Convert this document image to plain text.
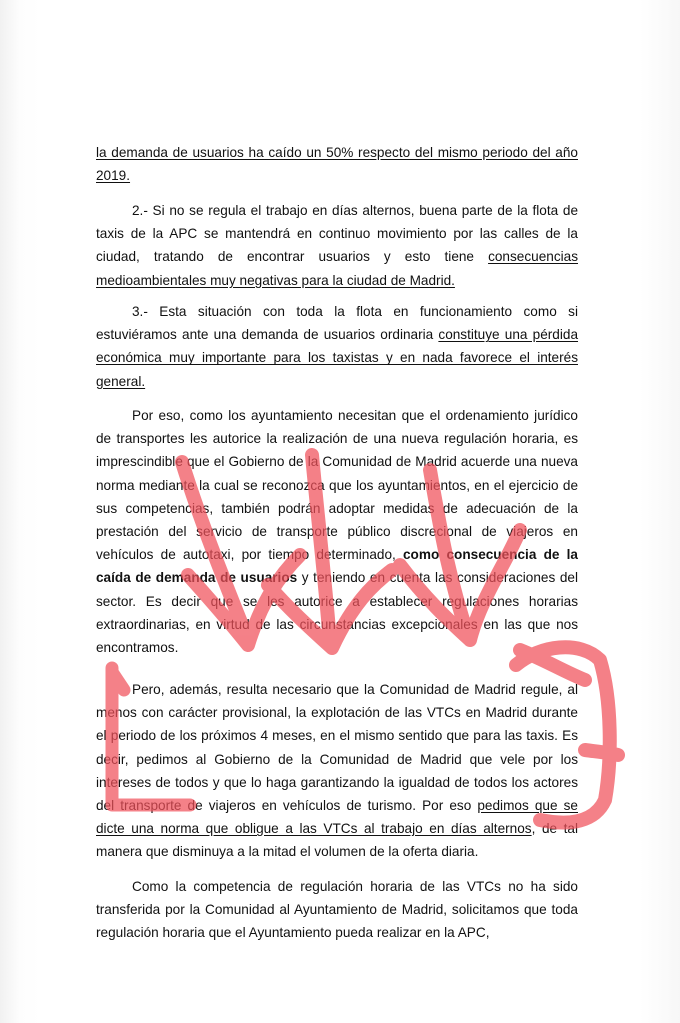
la demanda de usuarios ha caído un 50% respecto del mismo periodo del año 2019.

2.- Si no se regula el trabajo en días alternos, buena parte de la flota de taxis de la APC se mantendrá en continuo movimiento por las calles de la ciudad, tratando de encontrar usuarios y esto tiene consecuencias medioambientales muy negativas para la ciudad de Madrid.

3.- Esta situación con toda la flota en funcionamiento como si estuviéramos ante una demanda de usuarios ordinaria constituye una pérdida económica muy importante para los taxistas y en nada favorece el interés general.

Por eso, como los ayuntamiento necesitan que el ordenamiento jurídico de transportes les autorice la realización de una nueva regulación horaria, es imprescindible que el Gobierno de la Comunidad de Madrid acuerde una nueva norma mediante la cual se reconozca que los ayuntamientos, en el ejercicio de sus competencias, también podrán adoptar medidas de adecuación de la prestación del servicio de transporte público discrecional de viajeros en vehículos de autotaxi, por tiempo determinado, como consecuencia de la caída de demanda de usuarios y teniendo en cuenta las consideraciones del sector. Es decir que se les autorice a establecer regulaciones horarias extraordinarias, en virtud de las circunstancias excepcionales en las que nos encontramos.

Pero, además, resulta necesario que la Comunidad de Madrid regule, al menos con carácter provisional, la explotación de las VTCs en Madrid durante el periodo de los próximos 4 meses, en el mismo sentido que para las taxis. Es decir, pedimos al Gobierno de la Comunidad de Madrid que vele por los intereses de todos y que lo haga garantizando la igualdad de todos los actores del transporte de viajeros en vehículos de turismo. Por eso pedimos que se dicte una norma que obligue a las VTCs al trabajo en días alternos, de tal manera que disminuya a la mitad el volumen de la oferta diaria.

Como la competencia de regulación horaria de las VTCs no ha sido transferida por la Comunidad al Ayuntamiento de Madrid, solicitamos que toda regulación horaria que el Ayuntamiento pueda realizar en la APC,
